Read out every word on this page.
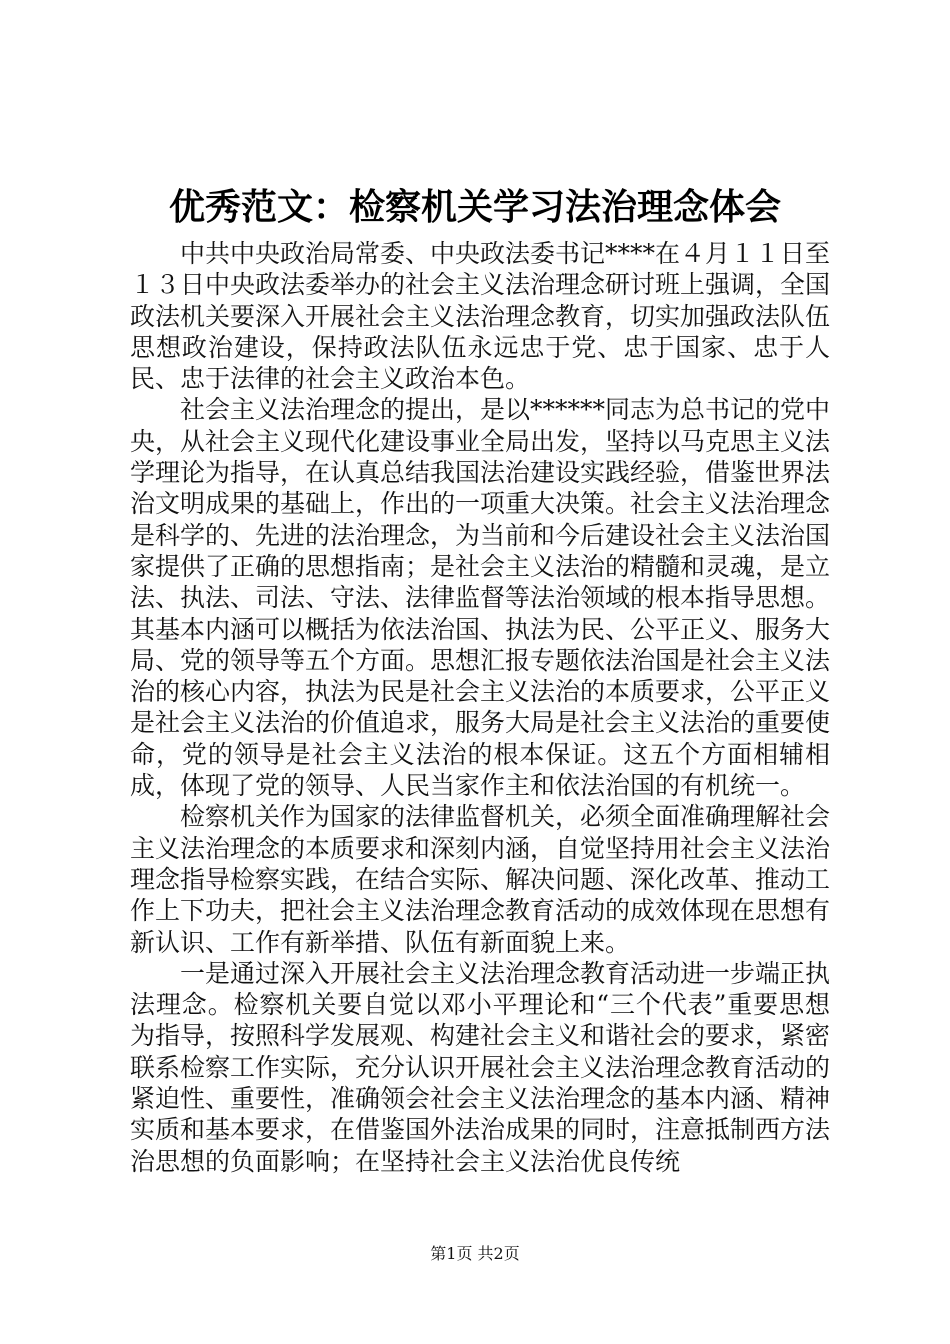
优秀范文：检察机关学习法治理念体会

中共中央政治局常委、中央政法委书记****在４月１１日至１３日中央政法委举办的社会主义法治理念研讨班上强调，全国政法机关要深入开展社会主义法治理念教育，切实加强政法队伍思想政治建设，保持政法队伍永远忠于党、忠于国家、忠于人民、忠于法律的社会主义政治本色。

社会主义法治理念的提出，是以******同志为总书记的党中央，从社会主义现代化建设事业全局出发，坚持以马克思主义法学理论为指导，在认真总结我国法治建设实践经验，借鉴世界法治文明成果的基础上，作出的一项重大决策。社会主义法治理念是科学的、先进的法治理念，为当前和今后建设社会主义法治国家提供了正确的思想指南；是社会主义法治的精髓和灵魂，是立法、执法、司法、守法、法律监督等法治领域的根本指导思想。其基本内涵可以概括为依法治国、执法为民、公平正义、服务大局、党的领导等五个方面。思想汇报专题依法治国是社会主义法治的核心内容，执法为民是社会主义法治的本质要求，公平正义是社会主义法治的价值追求，服务大局是社会主义法治的重要使命，党的领导是社会主义法治的根本保证。这五个方面相辅相成，体现了党的领导、人民当家作主和依法治国的有机统一。

检察机关作为国家的法律监督机关，必须全面准确理解社会主义法治理念的本质要求和深刻内涵，自觉坚持用社会主义法治理念指导检察实践，在结合实际、解决问题、深化改革、推动工作上下功夫，把社会主义法治理念教育活动的成效体现在思想有新认识、工作有新举措、队伍有新面貌上来。

一是通过深入开展社会主义法治理念教育活动进一步端正执法理念。检察机关要自觉以邓小平理论和“三个代表”重要思想为指导，按照科学发展观、构建社会主义和谐社会的要求，紧密联系检察工作实际，充分认识开展社会主义法治理念教育活动的紧迫性、重要性，准确领会社会主义法治理念的基本内涵、精神实质和基本要求，在借鉴国外法治成果的同时，注意抵制西方法治思想的负面影响；在坚持社会主义法治优良传统

第1页 共2页
